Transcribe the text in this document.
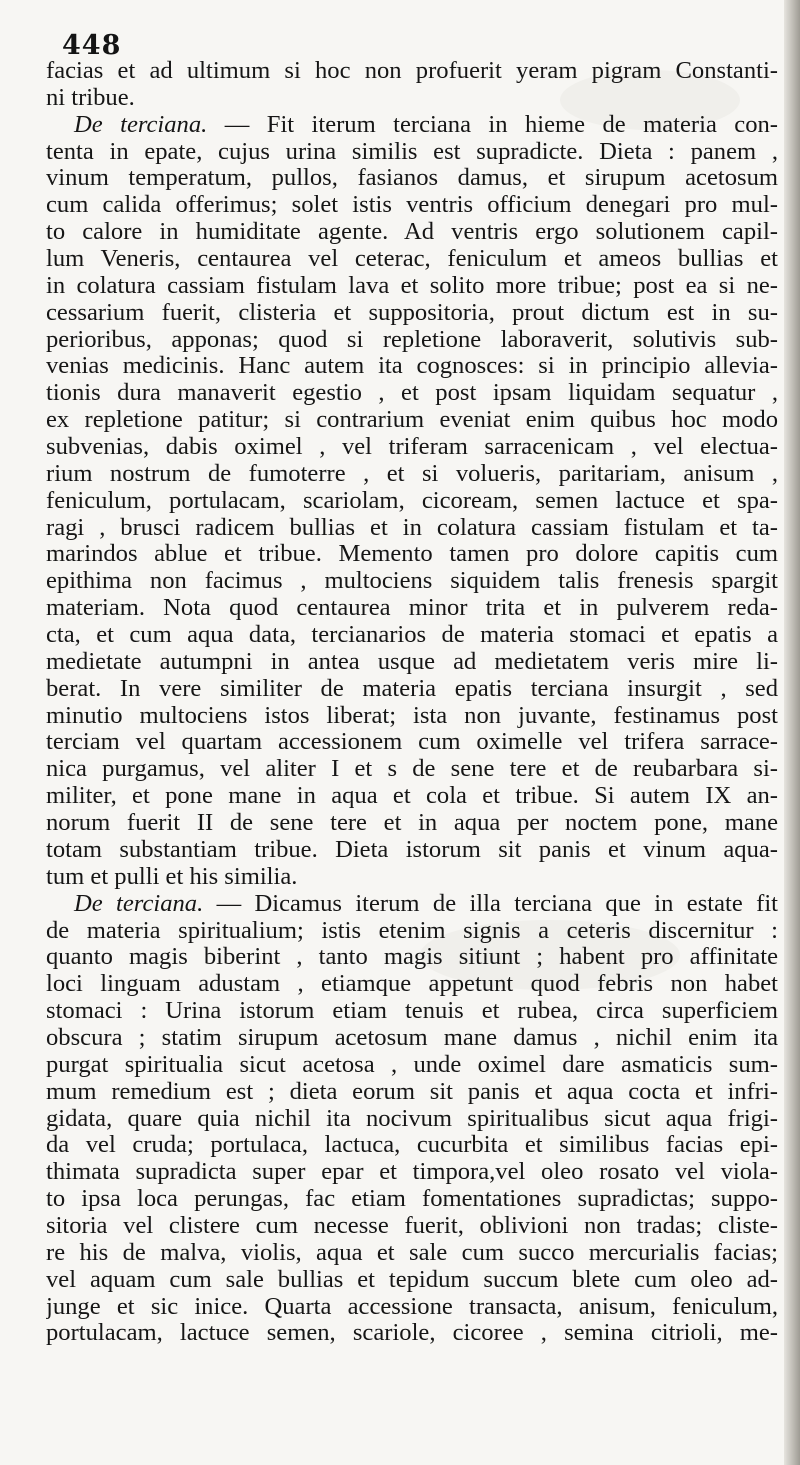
448
facias et ad ultimum si hoc non profuerit yeram pigram Constanti-
ni tribue.
De terciana. — Fit iterum terciana in hieme de materia con-
tenta in epate, cujus urina similis est supradicte. Dieta : panem ,
vinum temperatum, pullos, fasianos damus, et sirupum acetosum
cum calida offerimus; solet istis ventris officium denegari pro mul-
to calore in humiditate agente. Ad ventris ergo solutionem capil-
lum Veneris, centaurea vel ceterac, feniculum et ameos bullias et
in colatura cassiam fistulam lava et solito more tribue; post ea si ne-
cessarium fuerit, clisteria et suppositoria, prout dictum est in su-
perioribus, apponas; quod si repletione laboraverit, solutivis sub-
venias medicinis. Hanc autem ita cognosces: si in principio allevia-
tionis dura manaverit egestio , et post ipsam liquidam sequatur ,
ex repletione patitur; si contrarium eveniat enim quibus hoc modo
subvenias, dabis oximel , vel triferam sarracenicam , vel electua-
rium nostrum de fumoterre , et si volueris, paritariam, anisum ,
feniculum, portulacam, scariolam, cicoream, semen lactuce et spa-
ragi , brusci radicem bullias et in colatura cassiam fistulam et ta-
marindos ablue et tribue. Memento tamen pro dolore capitis cum
epithima non facimus , multociens siquidem talis frenesis spargit
materiam. Nota quod centaurea minor trita et in pulverem reda-
cta, et cum aqua data, tercianarios de materia stomaci et epatis a
medietate autumpni in antea usque ad medietatem veris mire li-
berat. In vere similiter de materia epatis terciana insurgit , sed
minutio multociens istos liberat; ista non juvante, festinamus post
terciam vel quartam accessionem cum oximelle vel trifera sarrace-
nica purgamus, vel aliter I et s de sene tere et de reubarbara si-
militer, et pone mane in aqua et cola et tribue. Si autem IX an-
norum fuerit II de sene tere et in aqua per noctem pone, mane
totam substantiam tribue. Dieta istorum sit panis et vinum aqua-
tum et pulli et his similia.
De terciana. — Dicamus iterum de illa terciana que in estate fit
de materia spiritualium; istis etenim signis a ceteris discernitur :
quanto magis biberint , tanto magis sitiunt ; habent pro affinitate
loci linguam adustam , etiamque appetunt quod febris non habet
stomaci : Urina istorum etiam tenuis et rubea, circa superficiem
obscura ; statim sirupum acetosum mane damus , nichil enim ita
purgat spiritualia sicut acetosa , unde oximel dare asmaticis sum-
mum remedium est ; dieta eorum sit panis et aqua cocta et infri-
gidata, quare quia nichil ita nocivum spiritualibus sicut aqua frigi-
da vel cruda; portulaca, lactuca, cucurbita et similibus facias epi-
thimata supradicta super epar et timpora,vel oleo rosato vel viola-
to ipsa loca perungas, fac etiam fomentationes supradictas; suppo-
sitoria vel clistere cum necesse fuerit, oblivioni non tradas; cliste-
re his de malva, violis, aqua et sale cum succo mercurialis facias;
vel aquam cum sale bullias et tepidum succum blete cum oleo ad-
junge et sic inice. Quarta accessione transacta, anisum, feniculum,
portulacam, lactuce semen, scariole, cicoree , semina citrioli, me-
